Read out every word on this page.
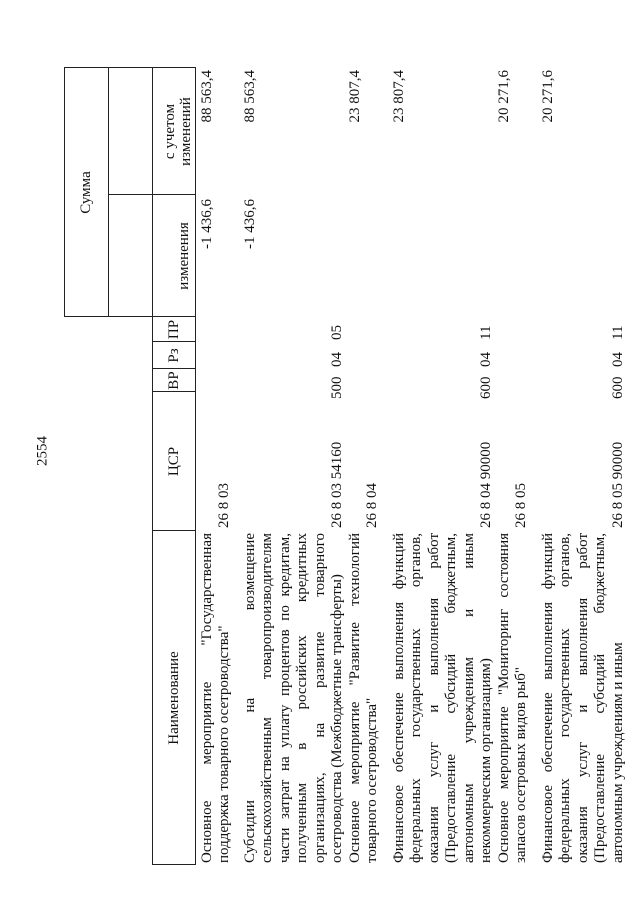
2554
Наименование
ЦСР
ВР
Рз
ПР
Сумма
изменения
с учетом изменений
Основное мероприятие "Государственная поддержка товарного осетроводства"
26 8 03
-1 436,6
88 563,4
Субсидии на возмещение сельскохозяйственным товаропроизводителям части затрат на уплату процентов по кредитам, полученным в российских кредитных организациях, на развитие товарного осетроводства (Межбюджетные трансферты)
26 8 03 54160
500
04
05
-1 436,6
88 563,4
Основное мероприятие "Развитие технологий товарного осетроводства"
26 8 04
23 807,4
Финансовое обеспечение выполнения функций федеральных государственных органов, оказания услуг и выполнения работ (Предоставление субсидий бюджетным, автономным учреждениям и иным некоммерческим организациям)
26 8 04 90000
600
04
11
23 807,4
Основное мероприятие "Мониторинг состояния запасов осетровых видов рыб"
26 8 05
20 271,6
Финансовое обеспечение выполнения функций федеральных государственных органов, оказания услуг и выполнения работ (Предоставление субсидий бюджетным, автономным учреждениям и иным
26 8 05 90000
600
04
11
20 271,6
